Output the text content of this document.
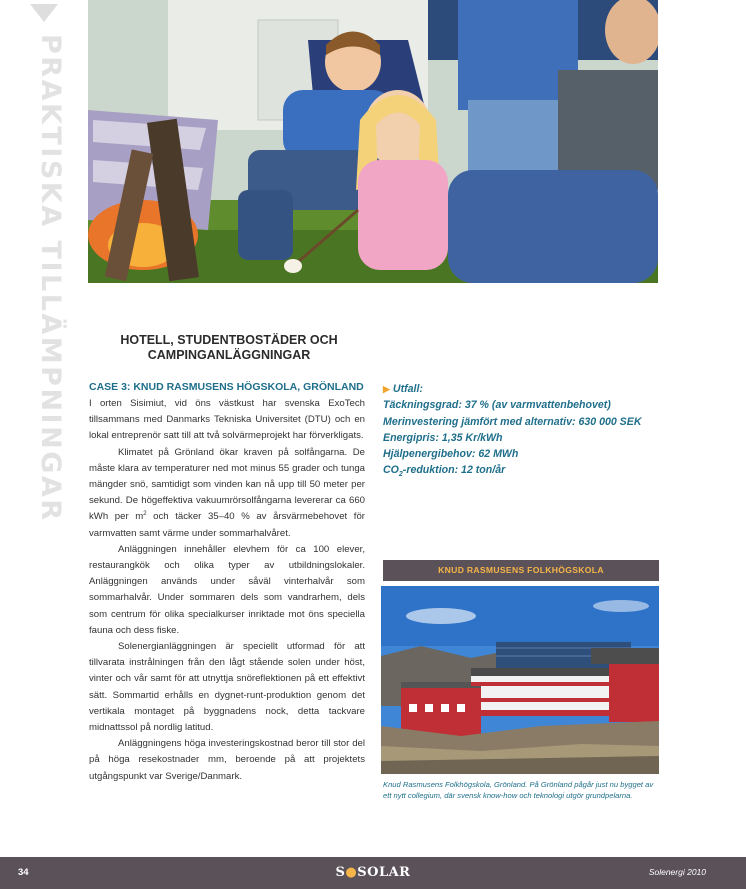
PRAKTISKA TILLÄMPNINGAR	HOTELL, STUDENTBOSTÄDER OCH
CAMPINGANLÄGGNINGAR
CASE 3: KNUD RASMUSENS HÖGSKOLA, GRÖNLAND

I orten Sisimiut, vid öns västkust har svenska ExoTech tillsammans med Danmarks Tekniska Universitet (DTU) och en lokal entreprenör satt till att två solvärmeprojekt har förverkligats.

Klimatet på Grönland ökar kraven på solfångarna. De måste klara av temperaturer ned mot minus 55 grader och tunga mängder snö, samtidigt som vinden kan nå upp till 50 meter per sekund. De högeffektiva vakuumrörsolfångarna levererar ca 660 kWh per $m^2$ och täcker 35–40 % av årsvärmebehovet för varmvatten samt värme under sommarhalvåret.

Anläggningen innehåller elevhem för ca 100 elever, restaurangkök och olika typer av utbildningslokaler. Anläggningen används under såväl vinterhalvår som sommarhalvår. Under sommaren dels som vandrarhem, dels som centrum för olika specialkurser inriktade mot öns speciella fauna och dess fiske.

Solenergianläggningen är speciellt utformad för att tillvarata instrålningen från den lågt stående solen under höst, vinter och vår samt för att utnyttja snöreflektionen på ett effektivt sätt. Sommartid erhålls en dygnet-runt-produktion genom det vertikala montaget på byggnadens nock, detta tackvare midnattssol på nordlig latitud.

Anläggningens höga investeringskostnad beror till stor del på höga resekostnader mm, beroende på att projektets utgångspunkt var Sverige/Danmark.

▶ Utfall:
Täckningsgrad: 37 % (av varmvattenbehovet)
Merinvestering jämfört med alternativ: 630 000 SEK
Energipris: 1,35 Kr/kWh
Hjälpenergibehov: 62 MWh
$CO_2$-reduktion: 12 ton/år
KNUD RASMUSENS FOLKHÖGSKOLA
Knud Rasmusens Folkhögskola, Grönland. På Grönland pågår just nu bygget av ett nytt collegium, där svensk know-how och teknologi utgör grundpelarna.
34	S●SOLAR	Solenergi 2010
